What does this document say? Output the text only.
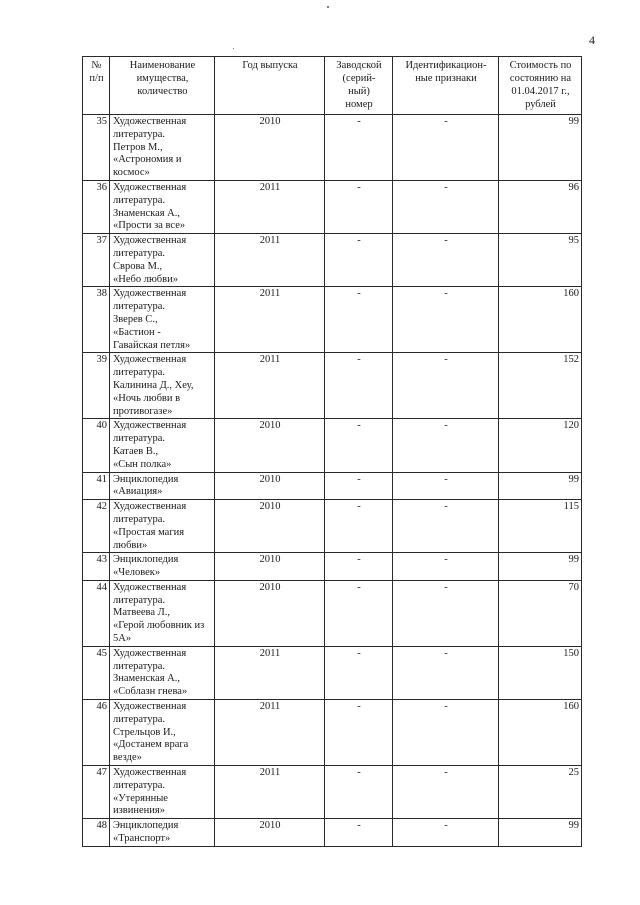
4
№
п/п	Наименование
имущества,
количество	Год выпуска	Заводской
(серий-
ный)
номер	Идентификацион-
ные признаки	Стоимость по
состоянию на
01.04.2017 г.,
рублей
35	Художественная
литература.
Петров М.,
«Астрономия и
космос»	2010	-	-	99
36	Художественная
литература.
Знаменская А.,
«Прости за все»	2011	-	-	96
37	Художественная
литература.
Сврова М.,
«Небо любви»	2011	-	-	95
38	Художественная
литература.
Зверев С.,
«Бастион -
Гавайская петля»	2011	-	-	160
39	Художественная
литература.
Калинина Д., Хеу,
«Ночь любви в
противогазе»	2011	-	-	152
40	Художественная
литература.
Катаев В.,
«Сын полка»	2010	-	-	120
41	Энциклопедия
«Авиация»	2010	-	-	99
42	Художественная
литература.
«Простая магия
любви»	2010	-	-	115
43	Энциклопедия
«Человек»	2010	-	-	99
44	Художественная
литература.
Матвеева Л.,
«Герой любовник из
5А»	2010	-	-	70
45	Художественная
литература.
Знаменская А.,
«Соблазн гнева»	2011	-	-	150
46	Художественная
литература.
Стрельцов И.,
«Достанем врага
везде»	2011	-	-	160
47	Художественная
литература.
«Утерянные
извинения»	2011	-	-	25
48	Энциклопедия
«Транспорт»	2010	-	-	99
